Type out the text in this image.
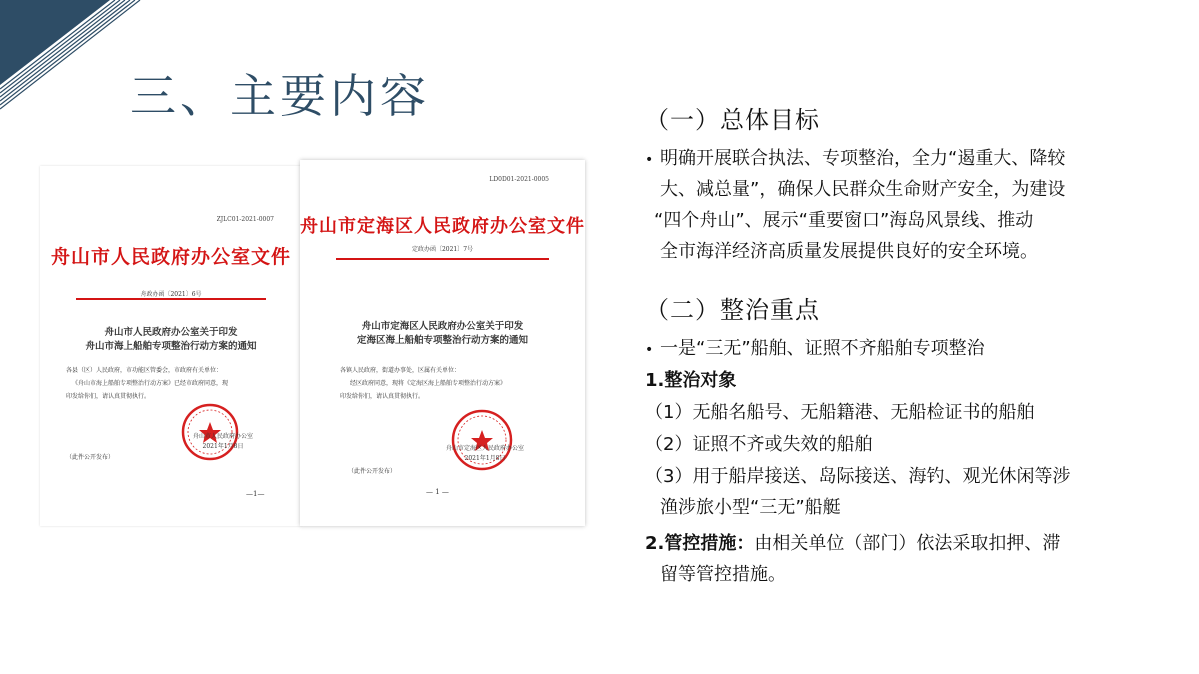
三、主要内容
ZJLC01-2021-0007
舟山市人民政府办公室文件
舟政办函〔2021〕6号
舟山市人民政府办公室关于印发
舟山市海上船舶专项整治行动方案的通知
各县（区）人民政府，市功能区管委会，市政府有关单位：
《舟山市海上船舶专项整治行动方案》已经市政府同意，现
印发给你们，请认真贯彻执行。
舟山市人民政府办公室
2021年1月8日
（此件公开发布）
—1—
LD0D01-2021-0005
舟山市定海区人民政府办公室文件
定政办函〔2021〕7号
舟山市定海区人民政府办公室关于印发
定海区海上船舶专项整治行动方案的通知
各镇人民政府，街道办事处，区属有关单位：
经区政府同意，现将《定海区海上船舶专项整治行动方案》
印发给你们，请认真贯彻执行。
舟山市定海区人民政府办公室
2021年1月8日
（此件公开发布）
— 1 —
（一）总体目标
• 明确开展联合执法、专项整治，全力“遏重大、降较
大、减总量”，确保人民群众生命财产安全，为建设
“四个舟山”、展示“重要窗口”海岛风景线、推动
全市海洋经济高质量发展提供良好的安全环境。
（二）整治重点
• 一是“三无”船舶、证照不齐船舶专项整治
1.整治对象
（1）无船名船号、无船籍港、无船检证书的船舶
（2）证照不齐或失效的船舶
（3）用于船岸接送、岛际接送、海钓、观光休闲等涉
渔涉旅小型“三无”船艇
2.管控措施：由相关单位（部门）依法采取扣押、滞
留等管控措施。
